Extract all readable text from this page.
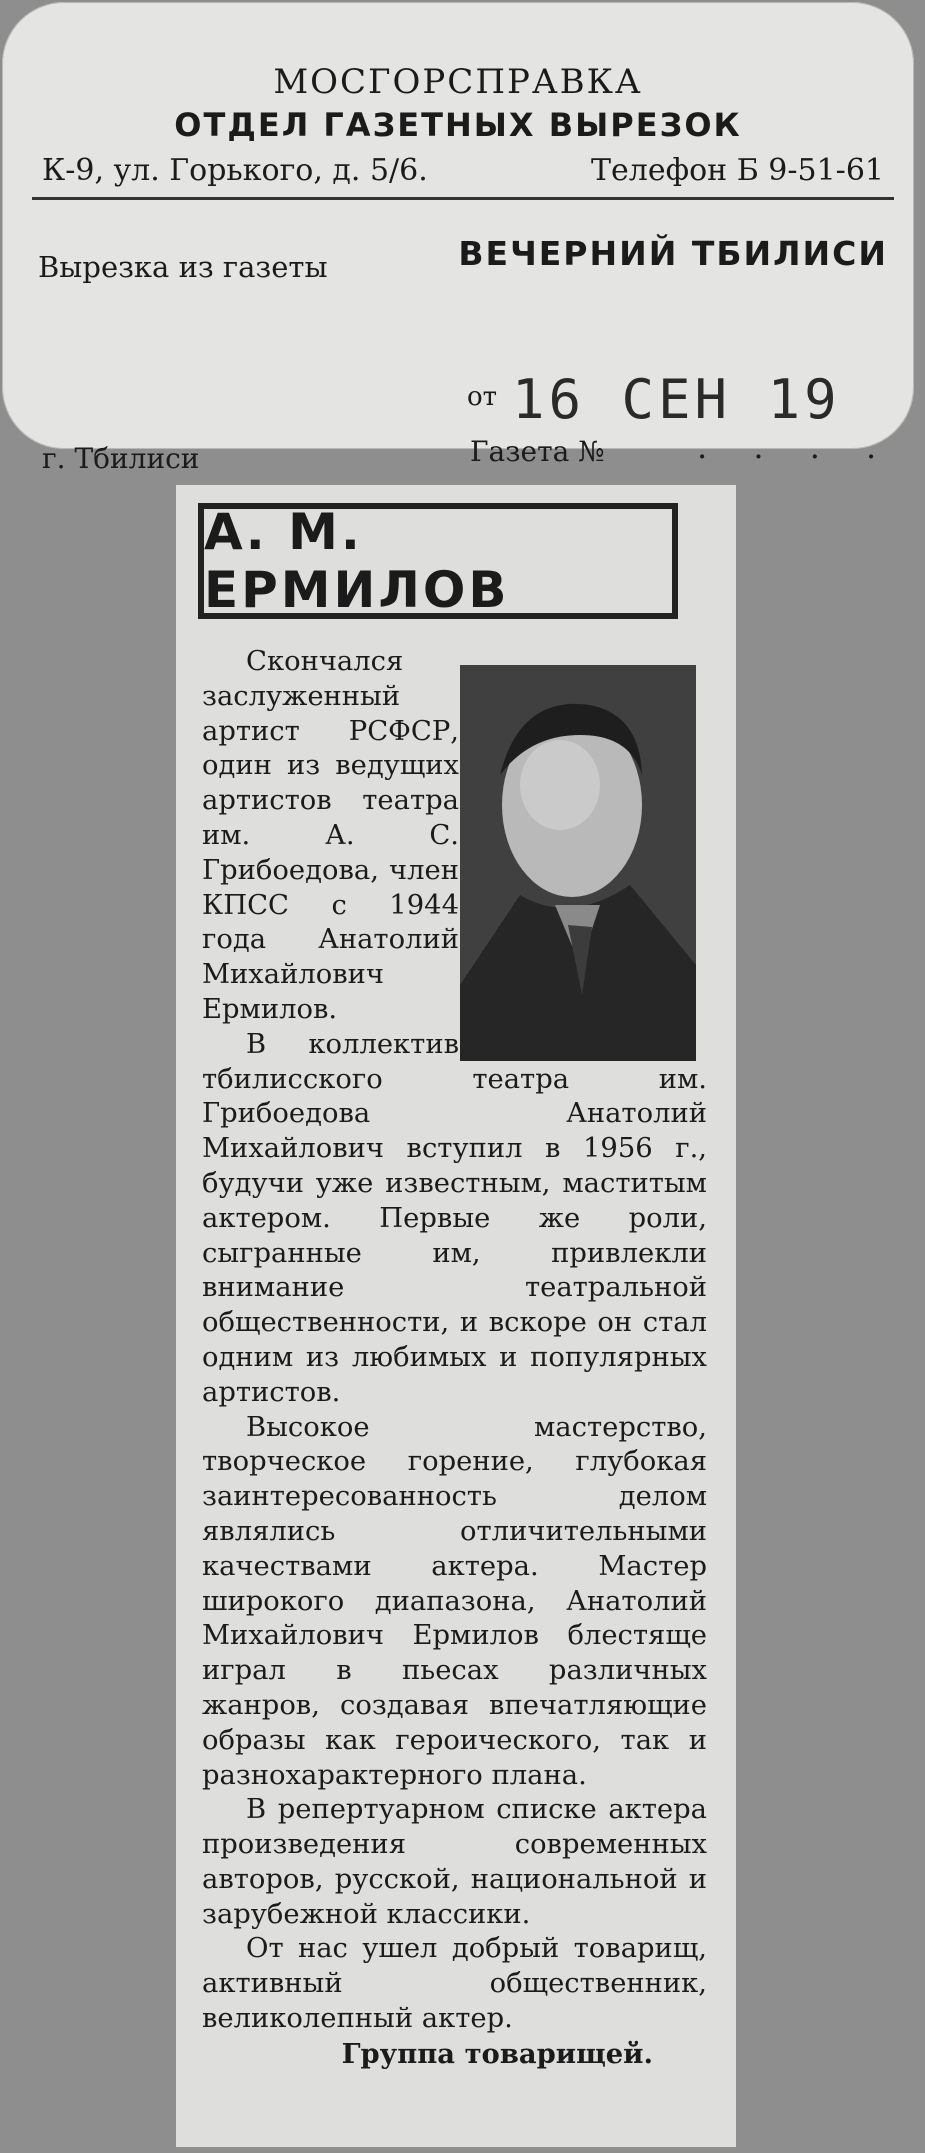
МОСГОРСПРАВКА
ОТДЕЛ ГАЗЕТНЫХ ВЫРЕЗОК
К-9, ул. Горького, д. 5/6.	Телефон Б 9-51-61
Вырезка из газеты	ВЕЧЕРНИЙ ТБИЛИСИ
от 16 СЕН 19
г. Тбилиси	Газета №	. . . .
А. М. ЕРМИЛОВ

Скончался заслуженный артист РСФСР, один из ведущих артистов театра им. А. С. Грибоедова, член КПСС с 1944 года Анатолий Михайлович Ермилов.

В коллектив тбилисского театра им. Грибоедова Анатолий Михайлович вступил в 1956 г., будучи уже известным, маститым актером. Первые же роли, сыгранные им, привлекли внимание театральной общественности, и вскоре он стал одним из любимых и популярных артистов.

Высокое мастерство, творческое горение, глубокая заинтересованность делом являлись отличительными качествами актера. Мастер широкого диапазона, Анатолий Михайлович Ермилов блестяще играл в пьесах различных жанров, создавая впечатляющие образы как героического, так и разнохарактерного плана.

В репертуарном списке актера произведения современных авторов, русской, национальной и зарубежной классики.

От нас ушел добрый товарищ, активный общественник, великолепный актер.

Группа товарищей.
